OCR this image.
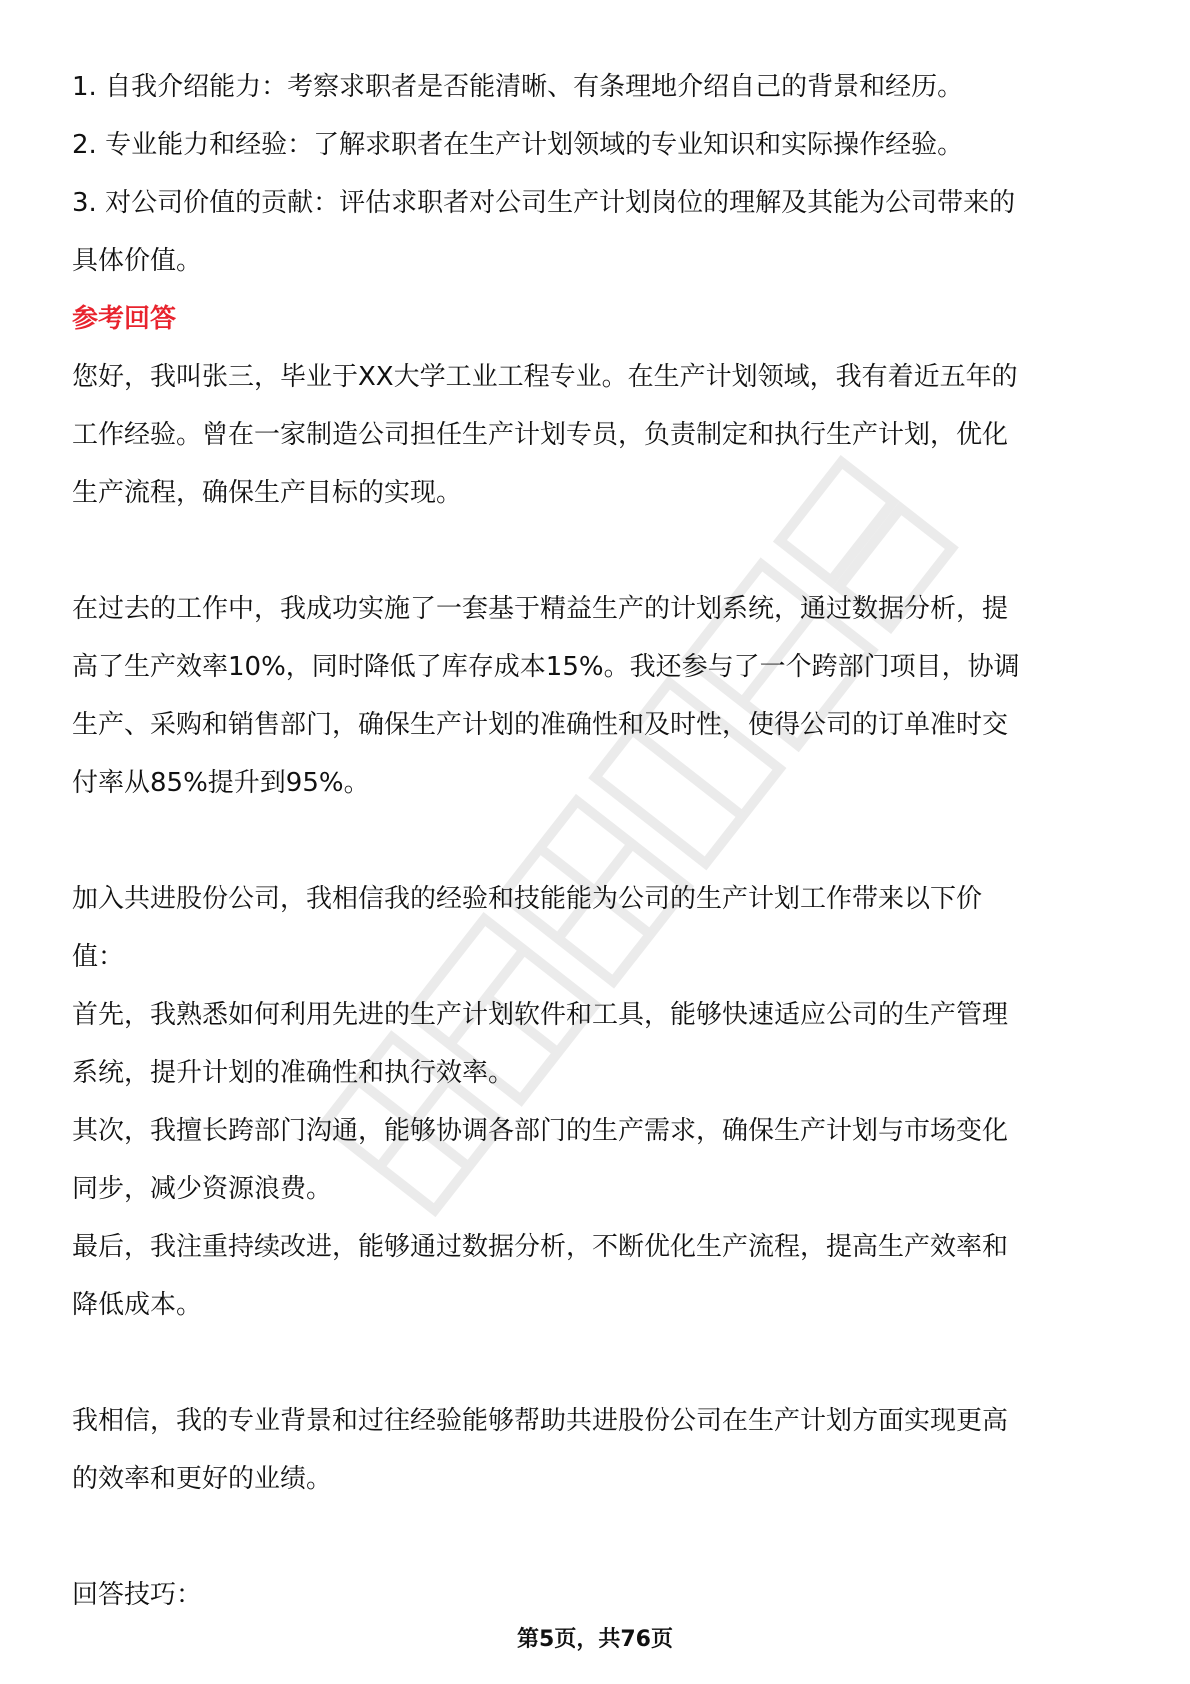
1. 自我介绍能力：考察求职者是否能清晰、有条理地介绍自己的背景和经历。

2. 专业能力和经验：了解求职者在生产计划领域的专业知识和实际操作经验。

3. 对公司价值的贡献：评估求职者对公司生产计划岗位的理解及其能为公司带来的

具体价值。

参考回答

您好，我叫张三，毕业于XX大学工业工程专业。在生产计划领域，我有着近五年的

工作经验。曾在一家制造公司担任生产计划专员，负责制定和执行生产计划，优化

生产流程，确保生产目标的实现。

在过去的工作中，我成功实施了一套基于精益生产的计划系统，通过数据分析，提

高了生产效率10%，同时降低了库存成本15%。我还参与了一个跨部门项目，协调

生产、采购和销售部门，确保生产计划的准确性和及时性，使得公司的订单准时交

付率从85%提升到95%。

加入共进股份公司，我相信我的经验和技能能为公司的生产计划工作带来以下价

值：

首先，我熟悉如何利用先进的生产计划软件和工具，能够快速适应公司的生产管理

系统，提升计划的准确性和执行效率。

其次，我擅长跨部门沟通，能够协调各部门的生产需求，确保生产计划与市场变化

同步，减少资源浪费。

最后，我注重持续改进，能够通过数据分析，不断优化生产流程，提高生产效率和

降低成本。

我相信，我的专业背景和过往经验能够帮助共进股份公司在生产计划方面实现更高

的效率和更好的业绩。

回答技巧：

第5页，共76页
